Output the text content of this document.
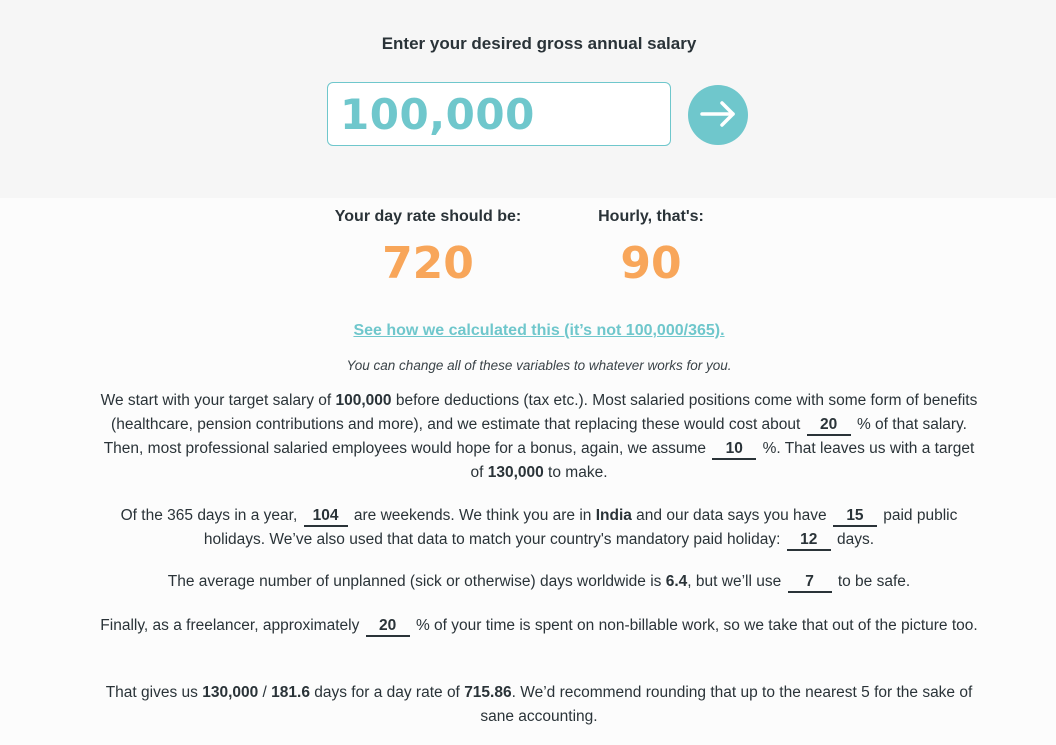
Enter your desired gross annual salary
100,000
Your day rate should be:
720
Hourly, that's:
90
See how we calculated this (it’s not 100,000/365).
You can change all of these variables to whatever works for you.
We start with your target salary of 100,000 before deductions (tax etc.). Most salaried positions come with some form of benefits (healthcare, pension contributions and more), and we estimate that replacing these would cost about 20 % of that salary. Then, most professional salaried employees would hope for a bonus, again, we assume 10 %. That leaves us with a target of 130,000 to make.
Of the 365 days in a year, 104 are weekends. We think you are in India and our data says you have 15 paid public holidays. We’ve also used that data to match your country's mandatory paid holiday: 12 days.
The average number of unplanned (sick or otherwise) days worldwide is 6.4, but we’ll use 7 to be safe.
Finally, as a freelancer, approximately 20 % of your time is spent on non-billable work, so we take that out of the picture too.
That gives us 130,000 / 181.6 days for a day rate of 715.86. We’d recommend rounding that up to the nearest 5 for the sake of sane accounting.
